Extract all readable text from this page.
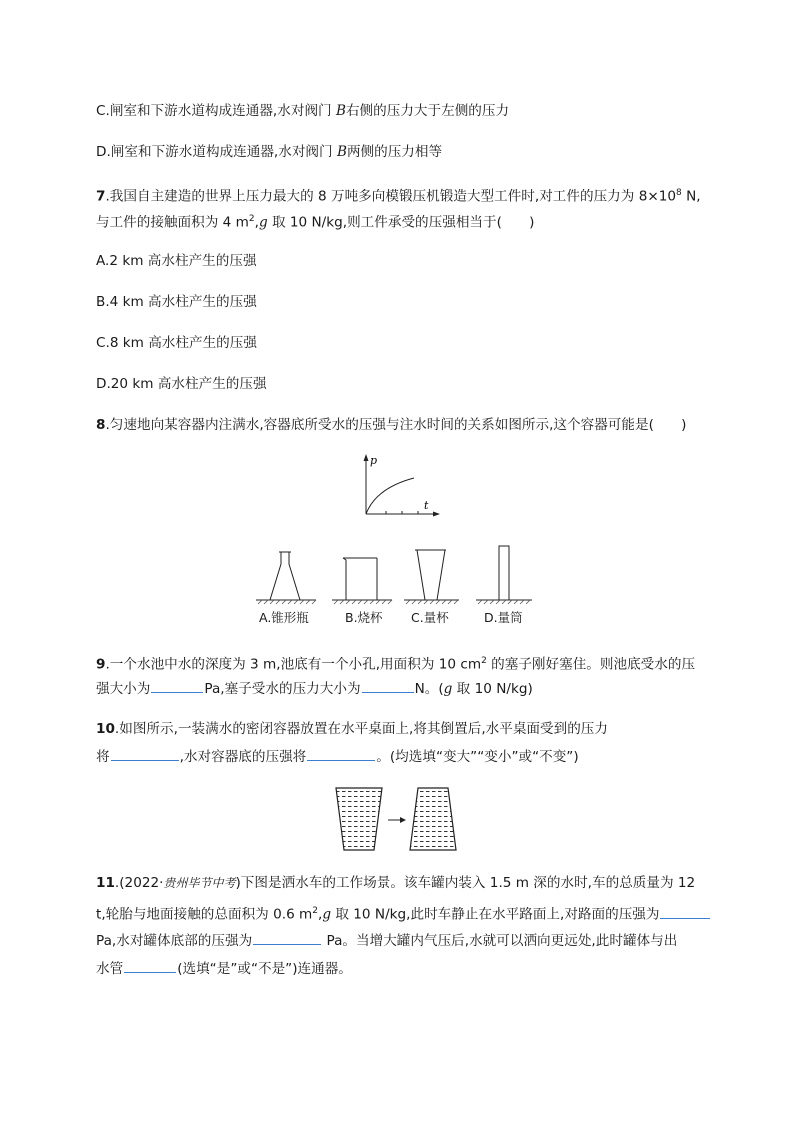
C.闸室和下游水道构成连通器,水对阀门 B右侧的压力大于左侧的压力
D.闸室和下游水道构成连通器,水对阀门 B两侧的压力相等
7.我国自主建造的世界上压力最大的 8 万吨多向模锻压机锻造大型工件时,对工件的压力为 $8\times 10^8$ N,
与工件的接触面积为 4 $m^2,g$ 取 10 N/kg,则工件承受的压强相当于(　　)
A.2 km 高水柱产生的压强
B.4 km 高水柱产生的压强
C.8 km 高水柱产生的压强
D.20 km 高水柱产生的压强
8.匀速地向某容器内注满水,容器底所受水的压强与注水时间的关系如图所示,这个容器可能是(　　)
p
t
A.锥形瓶	B.烧杯 C.量杯	D.量筒
9.一个水池中水的深度为 3 m,池底有一个小孔,用面积为 10 $cm^2$ 的塞子刚好塞住。则池底受水的压
强大小为	Pa,塞子受水的压力大小为	N。(g 取 10 N/kg)
10.如图所示,一装满水的密闭容器放置在水平桌面上,将其倒置后,水平桌面受到的压力
将	,水对容器底的压强将	。(均选填“变大”“变小”或“不变”)
11.(2022·贵州毕节中考)下图是洒水车的工作场景。该车罐内装入 1.5 m 深的水时,车的总质量为 12
t,轮胎与地面接触的总面积为 0.6 $m^2,g$ 取 10 N/kg,此时车静止在水平路面上,对路面的压强为
Pa,水对罐体底部的压强为	Pa。当增大罐内气压后,水就可以洒向更远处,此时罐体与出
水管	(选填“是”或“不是”)连通器。
